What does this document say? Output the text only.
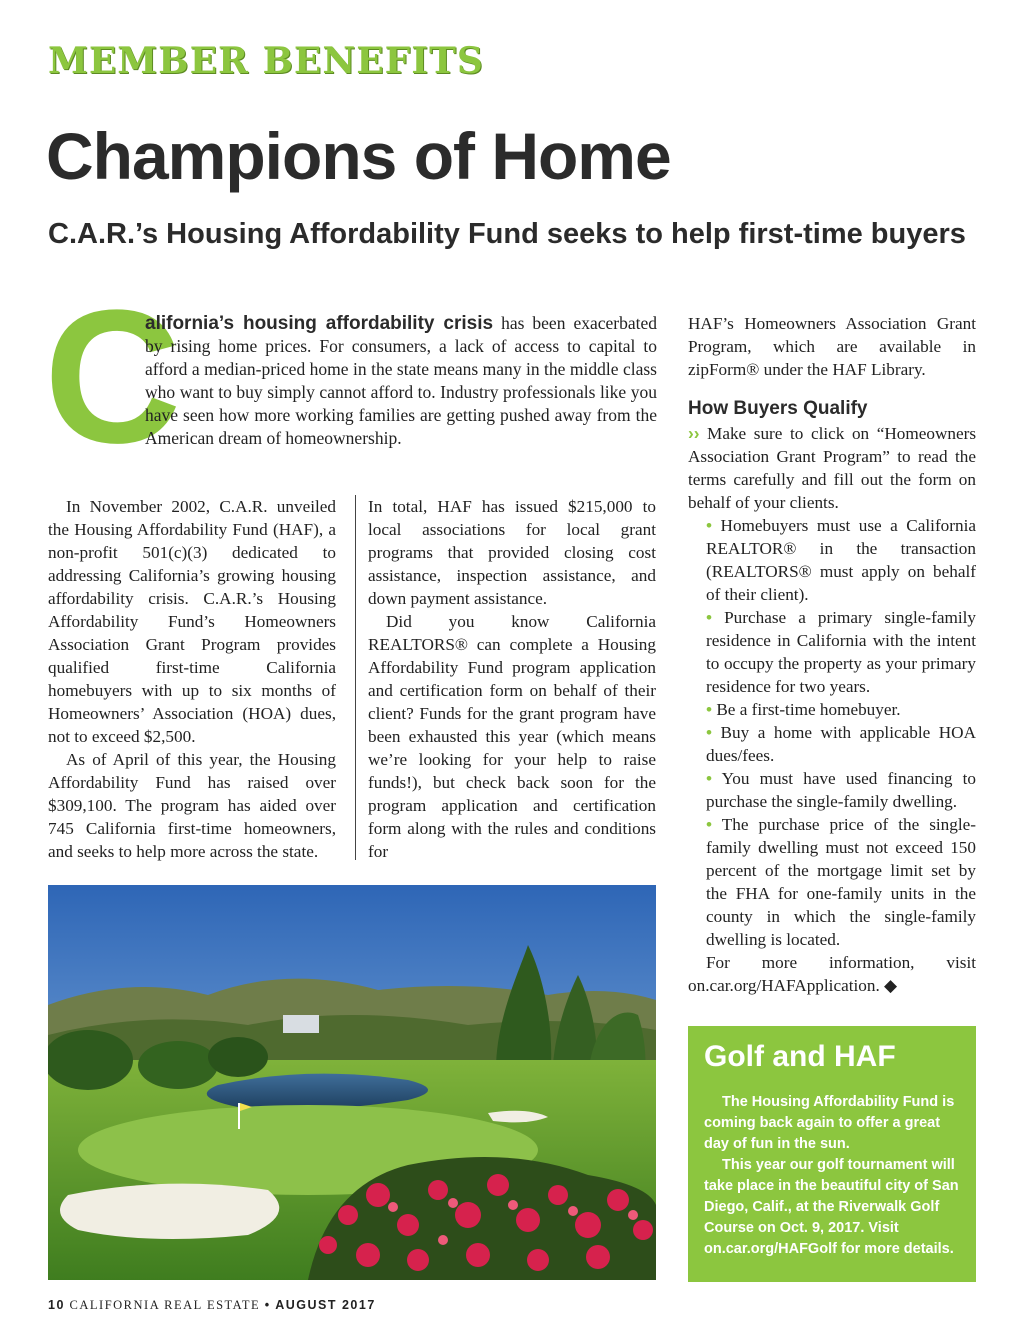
MEMBER BENEFITS
Champions of Home
C.A.R.’s Housing Affordability Fund seeks to help first-time buyers
C
alifornia’s housing affordability crisis has been exacerbated by rising home prices. For consumers, a lack of access to capital to afford a median-priced home in the state means many in the middle class who want to buy simply cannot afford to. Industry professionals like you have seen how more working families are getting pushed away from the American dream of homeownership.

In November 2002, C.A.R. unveiled the Housing Affordability Fund (HAF), a non-profit 501(c)(3) dedicated to addressing California’s growing housing affordability crisis. C.A.R.’s Housing Affordability Fund’s Homeowners Association Grant Program provides qualified first-time California homebuyers with up to six months of Homeowners’ Association (HOA) dues, not to exceed $2,500.

As of April of this year, the Housing Affordability Fund has raised over $309,100. The program has aided over 745 California first-time homeowners, and seeks to help more across the state.

In total, HAF has issued $215,000 to local associations for local grant programs that provided closing cost assistance, inspection assistance, and down payment assistance.

Did you know California REALTORS® can complete a Housing Affordability Fund program application and certification form on behalf of their client? Funds for the grant program have been exhausted this year (which means we’re looking for your help to raise funds!), but check back soon for the program application and certification form along with the rules and conditions for

HAF’s Homeowners Association Grant Program, which are available in zipForm® under the HAF Library.

How Buyers Qualify

›› Make sure to click on “Homeowners Association Grant Program” to read the terms carefully and fill out the form on behalf of your clients.

• Homebuyers must use a California REALTOR® in the transaction (REALTORS® must apply on behalf of their client).

• Purchase a primary single-family residence in California with the intent to occupy the property as your primary residence for two years.

• Be a first-time homebuyer.

• Buy a home with applicable HOA dues/fees.

• You must have used financing to purchase the single-family dwelling.

• The purchase price of the single-family dwelling must not exceed 150 percent of the mortgage limit set by the FHA for one-family units in the county in which the single-family dwelling is located.

For more information, visit on.car.org/HAFApplication. ◆

Golf and HAF

The Housing Affordability Fund is coming back again to offer a great day of fun in the sun.

This year our golf tournament will take place in the beautiful city of San Diego, Calif., at the Riverwalk Golf Course on Oct. 9, 2017. Visit on.car.org/HAFGolf for more details.

10 CALIFORNIA REAL ESTATE • AUGUST 2017
